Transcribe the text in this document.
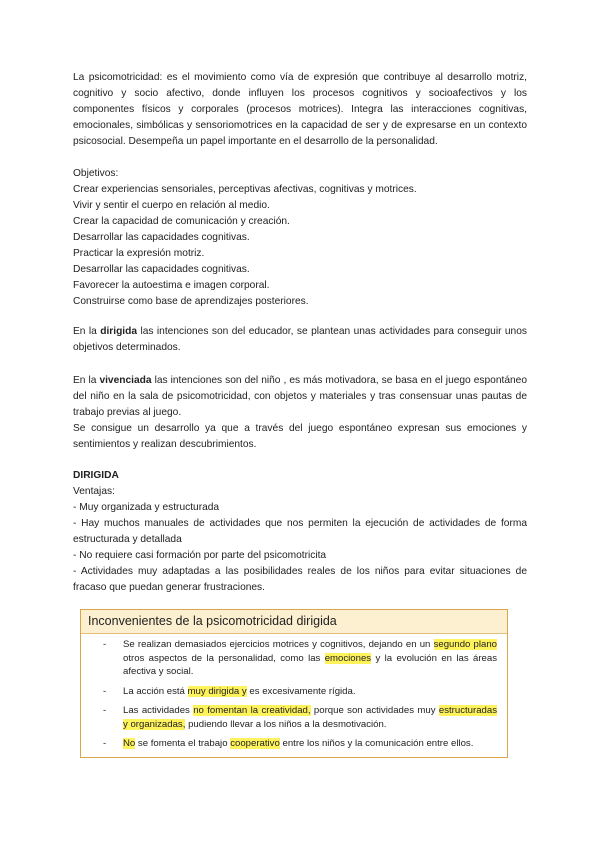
La psicomotricidad: es el movimiento como vía de expresión que contribuye al desarrollo motriz, cognitivo y socio afectivo, donde influyen los procesos cognitivos y socioafectivos y los componentes físicos y corporales (procesos motrices). Integra las interacciones cognitivas, emocionales, simbólicas y sensoriomotrices en la capacidad de ser y de expresarse en un contexto psicosocial. Desempeña un papel importante en el desarrollo de la personalidad.

Objetivos:
Crear experiencias sensoriales, perceptivas afectivas, cognitivas y motrices.
Vivir y sentir el cuerpo en relación al medio.
Crear la capacidad de comunicación y creación.
Desarrollar las capacidades cognitivas.
Practicar la expresión motriz.
Desarrollar las capacidades cognitivas.
Favorecer la autoestima e imagen corporal.
Construirse como base de aprendizajes posteriores.

En la dirigida las intenciones son del educador, se plantean unas actividades para conseguir unos objetivos determinados.

En la vivenciada las intenciones son del niño , es más motivadora, se basa en el juego espontáneo del niño en la sala de psicomotricidad, con objetos y materiales y tras consensuar unas pautas de trabajo previas al juego.

Se consigue un desarrollo ya que a través del juego espontáneo expresan sus emociones y sentimientos y realizan descubrimientos.

DIRIGIDA
Ventajas:
- Muy organizada y estructurada
- Hay muchos manuales de actividades que nos permiten la ejecución de actividades de forma estructurada y detallada
- No requiere casi formación por parte del psicomotricita
- Actividades muy adaptadas a las posibilidades reales de los niños para evitar situaciones de fracaso que puedan generar frustraciones.
Inconvenientes de la psicomotricidad dirigida
-	Se realizan demasiados ejercicios motrices y cognitivos, dejando en un segundo plano otros aspectos de la personalidad, como las emociones y la evolución en las áreas afectiva y social.
-	La acción está muy dirigida y es excesivamente rígida.
-	Las actividades no fomentan la creatividad, porque son actividades muy estructuradas y organizadas, pudiendo llevar a los niños a la desmotivación.
-	No se fomenta el trabajo cooperativo entre los niños y la comunicación entre ellos.
